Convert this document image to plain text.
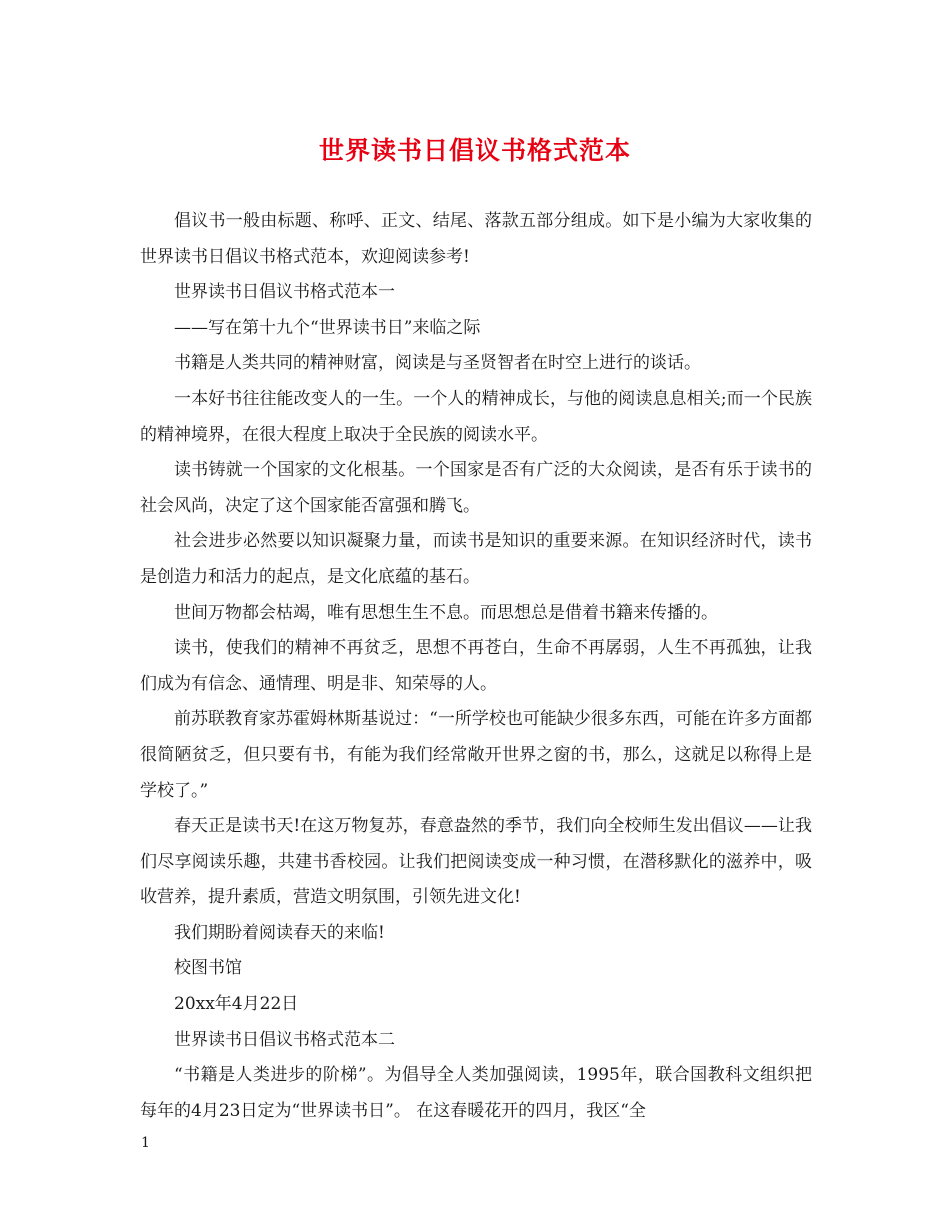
世界读书日倡议书格式范本

倡议书一般由标题、称呼、正文、结尾、落款五部分组成。如下是小编为大家收集的世界读书日倡议书格式范本，欢迎阅读参考!

世界读书日倡议书格式范本一

——写在第十九个“世界读书日”来临之际

书籍是人类共同的精神财富，阅读是与圣贤智者在时空上进行的谈话。

一本好书往往能改变人的一生。一个人的精神成长，与他的阅读息息相关;而一个民族的精神境界，在很大程度上取决于全民族的阅读水平。

读书铸就一个国家的文化根基。一个国家是否有广泛的大众阅读，是否有乐于读书的社会风尚，决定了这个国家能否富强和腾飞。

社会进步必然要以知识凝聚力量，而读书是知识的重要来源。在知识经济时代，读书是创造力和活力的起点，是文化底蕴的基石。

世间万物都会枯竭，唯有思想生生不息。而思想总是借着书籍来传播的。

读书，使我们的精神不再贫乏，思想不再苍白，生命不再孱弱，人生不再孤独，让我们成为有信念、通情理、明是非、知荣辱的人。

前苏联教育家苏霍姆林斯基说过：“一所学校也可能缺少很多东西，可能在许多方面都很简陋贫乏，但只要有书，有能为我们经常敞开世界之窗的书，那么，这就足以称得上是学校了。”

春天正是读书天!在这万物复苏，春意盎然的季节，我们向全校师生发出倡议——让我们尽享阅读乐趣，共建书香校园。让我们把阅读变成一种习惯，在潜移默化的滋养中，吸收营养，提升素质，营造文明氛围，引领先进文化!

我们期盼着阅读春天的来临!

校图书馆

20xx年4月22日

世界读书日倡议书格式范本二

“书籍是人类进步的阶梯”。为倡导全人类加强阅读，1995年，联合国教科文组织把每年的4月23日定为“世界读书日”。 在这春暖花开的四月，我区“全

1
